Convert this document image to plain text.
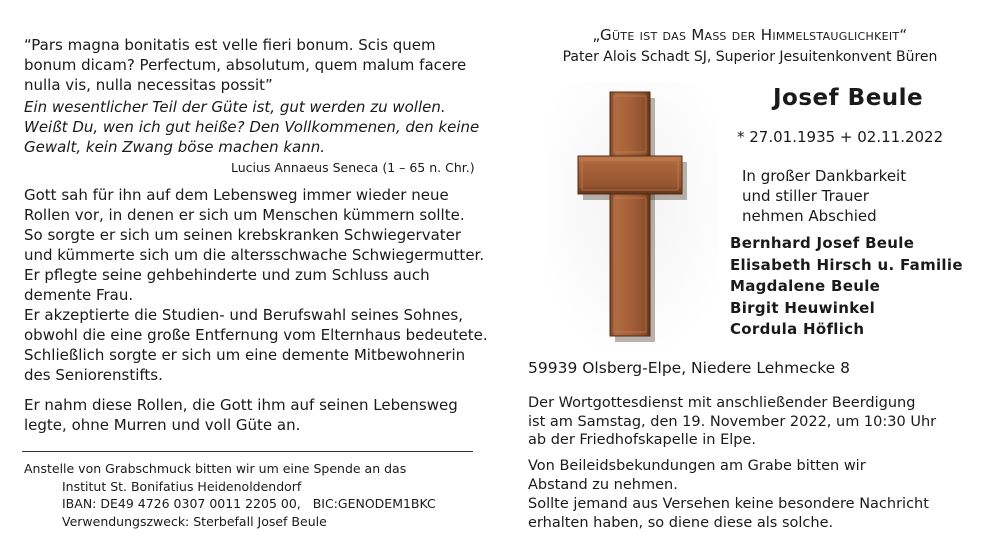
“Pars magna bonitatis est velle fieri bonum. Scis quem
bonum dicam? Perfectum, absolutum, quem malum facere
nulla vis, nulla necessitas possit”
Ein wesentlicher Teil der Güte ist, gut werden zu wollen.
Weißt Du, wen ich gut heiße? Den Vollkommenen, den keine
Gewalt, kein Zwang böse machen kann.
Lucius Annaeus Seneca (1 – 65 n. Chr.)
Gott sah für ihn auf dem Lebensweg immer wieder neue
Rollen vor, in denen er sich um Menschen kümmern sollte.
So sorgte er sich um seinen krebskranken Schwiegervater
und kümmerte sich um die altersschwache Schwiegermutter.
Er pflegte seine gehbehinderte und zum Schluss auch
demente Frau.
Er akzeptierte die Studien- und Berufswahl seines Sohnes,
obwohl die eine große Entfernung vom Elternhaus bedeutete.
Schließlich sorgte er sich um eine demente Mitbewohnerin
des Seniorenstifts.
Er nahm diese Rollen, die Gott ihm auf seinen Lebensweg
legte, ohne Murren und voll Güte an.
Anstelle von Grabschmuck bitten wir um eine Spende an das
Institut St. Bonifatius Heidenoldendorf
IBAN: DE49 4726 0307 0011 2205 00,   BIC:GENODEM1BKC
Verwendungszweck: Sterbefall Josef Beule
„Güte ist das Maß der Himmelstauglichkeit“
Pater Alois Schadt SJ, Superior Jesuitenkonvent Büren
Josef Beule
* 27.01.1935 + 02.11.2022
In großer Dankbarkeit
und stiller Trauer
nehmen Abschied
Bernhard Josef Beule
Elisabeth Hirsch u. Familie
Magdalene Beule
Birgit Heuwinkel
Cordula Höflich
59939 Olsberg-Elpe, Niedere Lehmecke 8
Der Wortgottesdienst mit anschließender Beerdigung
ist am Samstag, den 19. November 2022, um 10:30 Uhr
ab der Friedhofskapelle in Elpe.
Von Beileidsbekundungen am Grabe bitten wir
Abstand zu nehmen.
Sollte jemand aus Versehen keine besondere Nachricht
erhalten haben, so diene diese als solche.
